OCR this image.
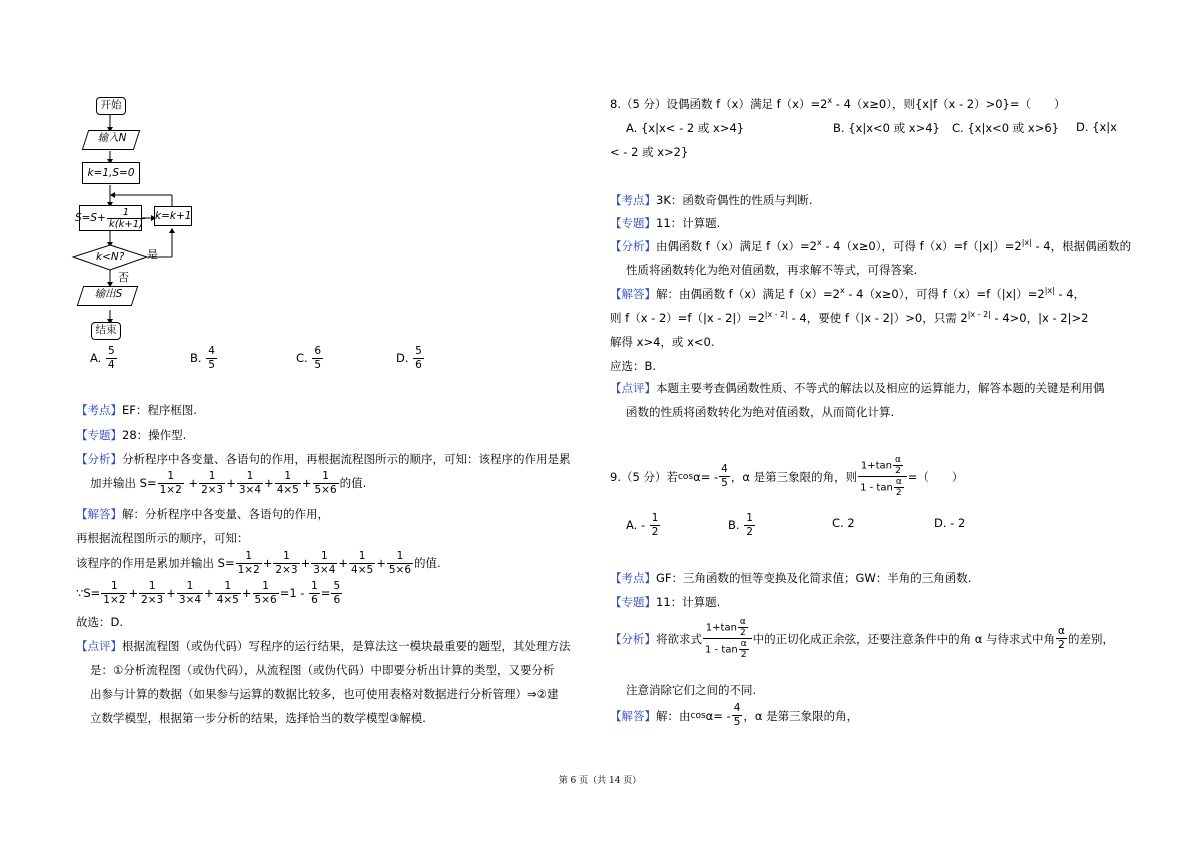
开始
输入N
k=1,S=0
$S=S+ \frac{1}{k(k+1)} k=k+1$
k<N? 是
否
输出S
结束
A. $\frac{5}{4}$	B. $\frac{4}{5}$	C. $\frac{6}{5}$	D. $\frac{5}{6}$
【考点】EF：程序框图.
【专题】28：操作型.
【分析】分析程序中各变量、各语句的作用，再根据流程图所示的顺序，可知：该程序的作用是累
加并输出 $S= \frac{1}{1\times 2} + \frac{1}{2\times 3} + \frac{1}{3\times 4} + \frac{1}{4\times 5} + \frac{1}{5\times 6}$ 的值.
【解答】解：分析程序中各变量、各语句的作用，
再根据流程图所示的顺序，可知：
该程序的作用是累加并输出 $S= \frac{1}{1\times 2} + \frac{1}{2\times 3} + \frac{1}{3\times 4} + \frac{1}{4\times 5} + \frac{1}{5\times 6}$ 的值.
∵S= $\frac{1}{1\times 2} + \frac{1}{2\times 3} + \frac{1}{3\times 4} + \frac{1}{4\times 5} + \frac{1}{5\times 6} =1 - \frac{1}{6} = \frac{5}{6}$
故选：D.
【点评】根据流程图（或伪代码）写程序的运行结果，是算法这一模块最重要的题型，其处理方法
是：①分析流程图（或伪代码），从流程图（或伪代码）中即要分析出计算的类型，又要分析
出参与计算的数据（如果参与运算的数据比较多，也可使用表格对数据进行分析管理）⇒②建
立数学模型，根据第一步分析的结果，选择恰当的数学模型③解模.
8.（5 分）设偶函数 f（x）满足 $f(x)=2^x - 4(x\ge 0)$，则{x|f（x - 2）>0}=（　　）
A. {x|x< - 2 或 x>4}	B. {x|x<0 或 x>4} C. {x|x<0 或 x>6} D. {x|x
< - 2 或 x>2}
【考点】3K：函数奇偶性的性质与判断.
【专题】11：计算题.
【分析】由偶函数 f（x）满足 $f(x)=2^x - 4(x\ge 0)$，可得 $f(x)=f(|x|)=2^{|x|} - 4$，根据偶函数的
性质将函数转化为绝对值函数，再求解不等式，可得答案.
【解答】解：由偶函数 f（x）满足 $f(x)=2^x - 4(x\ge 0)$，可得 $f(x)=f(|x|)=2^{|x|} - 4$，
则 $f(x - 2)=f(|x - 2|)=2^{|x - 2|} - 4$，要使 f（|x - 2|）>0，只需 $2^{|x - 2|} - 4>0$，|x - 2|>2
解得 x>4，或 x<0.
应选：B.
【点评】本题主要考查偶函数性质、不等式的解法以及相应的运算能力，解答本题的关键是利用偶
函数的性质将函数转化为绝对值函数，从而简化计算.
9.（5 分）若 cos α = -
4
5 ，α 是第三象限的角，则 $\frac{1+\tan \frac{\alpha}{2}}{1 - \tan \frac{\alpha}{2}}$ =（　　）
A. - $\frac{1}{2}$	B. $\frac{1}{2}$	C. 2	D. - 2
【考点】GF：三角函数的恒等变换及化简求值；GW：半角的三角函数.
【专题】11：计算题.
【分析】 将欲求式
$1+\tan \frac{\alpha}{2}$
$1 - \tan \frac{\alpha}{2}$
中的正切化成正余弦，还要注意条件中的角 α 与待求式中角
α
2 的差别，
注意消除它们之间的不同.
【解答】 解：由 cos α = -
4
5 ，α 是第三象限的角，
第 6 页（共 14 页）
